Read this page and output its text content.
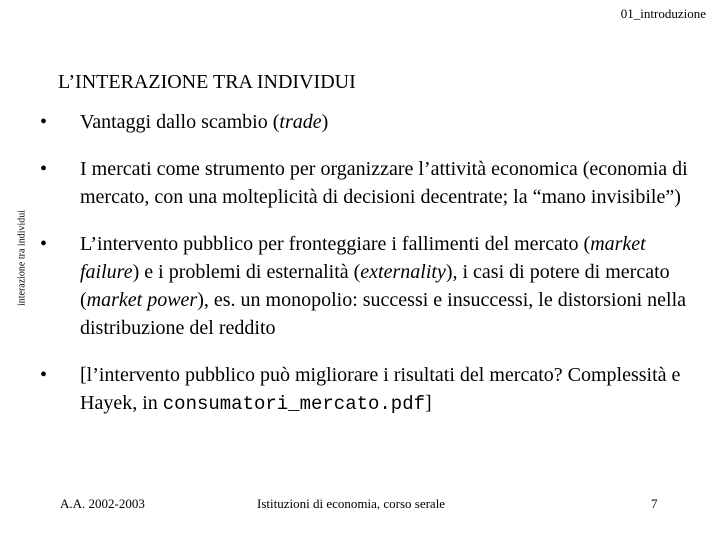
01_introduzione
interazione tra individui
L’INTERAZIONE TRA INDIVIDUI
•	Vantaggi dallo scambio (trade)
•	I mercati come strumento per organizzare l’attività economica (economia di mercato, con una molteplicità di decisioni decentrate; la “mano invisibile”)
•	L’intervento pubblico per fronteggiare i fallimenti del mercato (market failure) e i problemi di esternalità (externality), i casi di potere di mercato (market power), es. un monopolio: successi e insuccessi, le distorsioni nella distribuzione del reddito
•	[l’intervento pubblico può migliorare i risultati del mercato? Complessità e Hayek, in consumatori_mercato.pdf]
A.A. 2002-2003	Istituzioni di economia, corso serale	7
